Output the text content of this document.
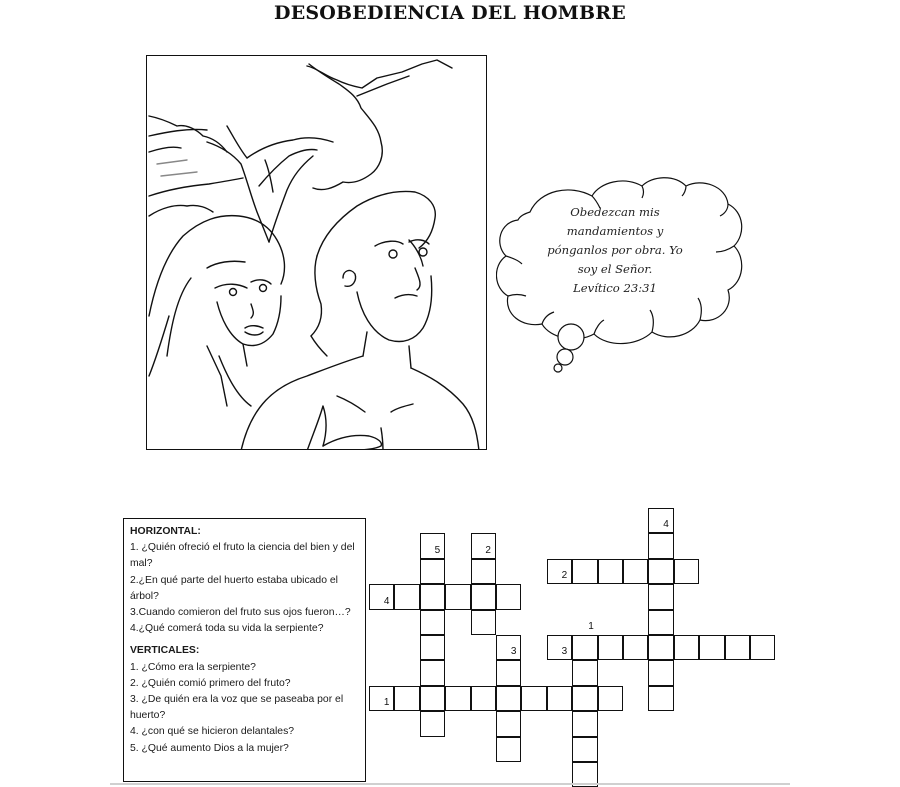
DESOBEDIENCIA DEL HOMBRE
Obedezcan mis
mandamientos y
pónganlos por obra. Yo
soy el Señor.
Levítico 23:31
HORIZONTAL:
1. ¿Quién ofreció el fruto la ciencia del bien y del mal?
2.¿En qué parte del huerto estaba ubicado el árbol?
3.Cuando comieron del fruto sus ojos fueron…?
4.¿Qué comerá toda su vida la serpiente?
VERTICALES:
1. ¿Cómo era la serpiente?
2. ¿Quién comió primero del fruto?
3. ¿De quién era la voz que se paseaba por el huerto?
4. ¿con qué se hicieron delantales?
5. ¿Qué aumento Dios a la mujer?
1
2
3
4
2
3
4
5
1
